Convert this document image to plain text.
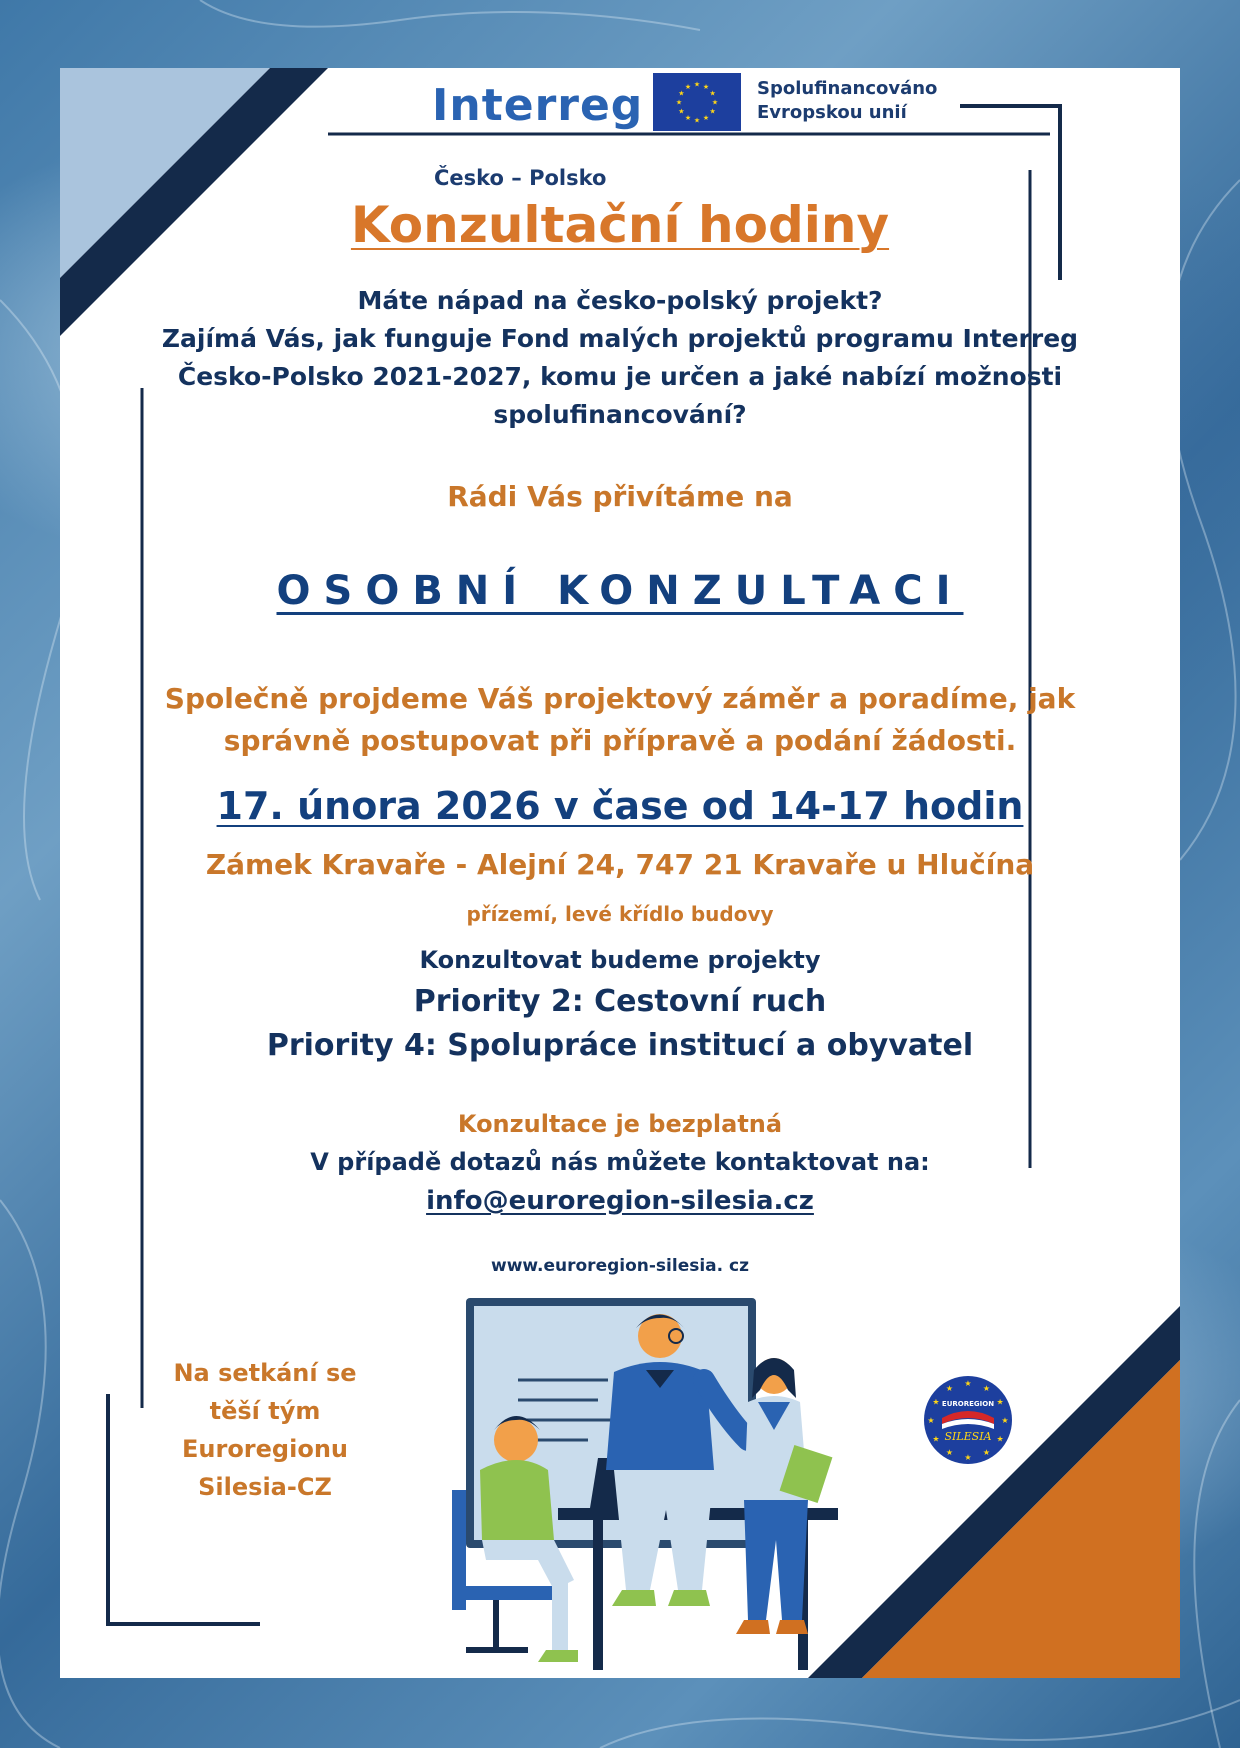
Interreg
Česko – Polsko
★
★
★
★
★
★
★
★
★ ★ ★
★ Spolufinancováno
Evropskou unií
Konzultační hodiny
Máte nápad na česko-polský projekt?
Zajímá Vás, jak funguje Fond malých projektů programu Interreg
Česko-Polsko 2021-2027, komu je určen a jaké nabízí možnosti
spolufinancování?
Rádi Vás přivítáme na
OSOBNÍ KONZULTACI
Společně projdeme Váš projektový záměr a poradíme, jak
správně postupovat při přípravě a podání žádosti.
17. února 2026 v čase od 14-17 hodin
Zámek Kravaře - Alejní 24, 747 21 Kravaře u Hlučína
přízemí, levé křídlo budovy
Konzultovat budeme projekty
Priority 2: Cestovní ruch
Priority 4: Spolupráce institucí a obyvatel
Konzultace je bezplatná
V případě dotazů nás můžete kontaktovat na:
info@euroregion-silesia.cz
www.euroregion-silesia. cz
Na setkání se
těší tým
Euroregionu
Silesia-CZ
★
★
★
★
★
★
★
★
★
★
★
★
EUROREGION
SILESIA
